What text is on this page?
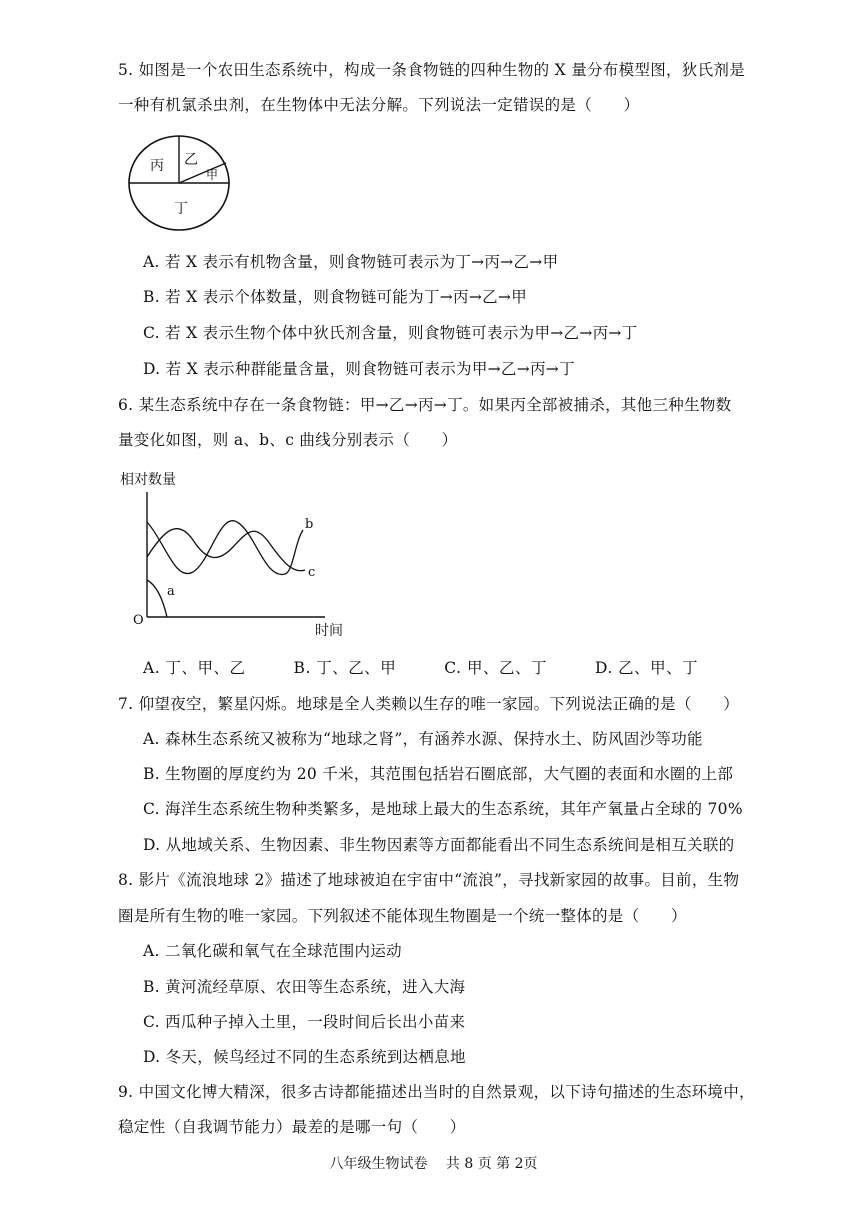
5. 如图是一个农田生态系统中，构成一条食物链的四种生物的 X 量分布模型图，狄氏剂是
一种有机氯杀虫剂，在生物体中无法分解。下列说法一定错误的是（　　）
丙 乙
甲
丁
A. 若 X 表示有机物含量，则食物链可表示为丁→丙→乙→甲
B. 若 X 表示个体数量，则食物链可能为丁→丙→乙→甲
C. 若 X 表示生物个体中狄氏剂含量，则食物链可表示为甲→乙→丙→丁
D. 若 X 表示种群能量含量，则食物链可表示为甲→乙→丙→丁
6. 某生态系统中存在一条食物链：甲→乙→丙→丁。如果丙全部被捕杀，其他三种生物数
量变化如图，则 a、b、c 曲线分别表示（　　）
相对数量
O
时间
a
b
c
A. 丁、甲、乙　　　B. 丁、乙、甲　　　C. 甲、乙、丁　　　D. 乙、甲、丁
7. 仰望夜空，繁星闪烁。地球是全人类赖以生存的唯一家园。下列说法正确的是（　　）
A. 森林生态系统又被称为“地球之肾”，有涵养水源、保持水土、防风固沙等功能
B. 生物圈的厚度约为 20 千米，其范围包括岩石圈底部，大气圈的表面和水圈的上部
C. 海洋生态系统生物种类繁多，是地球上最大的生态系统，其年产氧量占全球的 70%
D. 从地域关系、生物因素、非生物因素等方面都能看出不同生态系统间是相互关联的
8. 影片《流浪地球 2》描述了地球被迫在宇宙中“流浪”，寻找新家园的故事。目前，生物
圈是所有生物的唯一家园。下列叙述不能体现生物圈是一个统一整体的是（　　）
A. 二氧化碳和氧气在全球范围内运动
B. 黄河流经草原、农田等生态系统，进入大海
C. 西瓜种子掉入土里，一段时间后长出小苗来
D. 冬天，候鸟经过不同的生态系统到达栖息地
9. 中国文化博大精深，很多古诗都能描述出当时的自然景观，以下诗句描述的生态环境中，
稳定性（自我调节能力）最差的是哪一句（　　）
八年级生物试卷　 共 8 页 第 2页
